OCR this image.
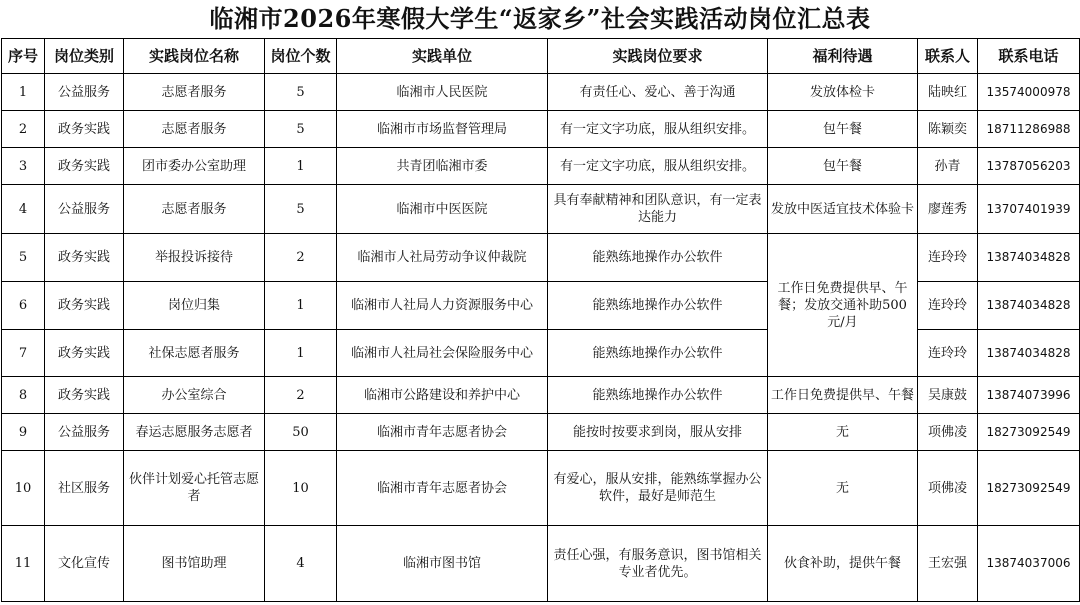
临湘市2026年寒假大学生“返家乡”社会实践活动岗位汇总表
序号	岗位类别	实践岗位名称	岗位个数	实践单位	实践岗位要求	福利待遇	联系人	联系电话
1	公益服务	志愿者服务	5	临湘市人民医院	有责任心、爱心、善于沟通	发放体检卡	陆映红	13574000978
2	政务实践	志愿者服务	5	临湘市市场监督管理局	有一定文字功底，服从组织安排。	包午餐	陈颖奕	18711286988
3	政务实践	团市委办公室助理	1	共青团临湘市委	有一定文字功底，服从组织安排。	包午餐	孙青	13787056203
4	公益服务	志愿者服务	5	临湘市中医医院	具有奉献精神和团队意识，有一定表达能力	发放中医适宜技术体验卡	廖莲秀	13707401939
5	政务实践	举报投诉接待	2	临湘市人社局劳动争议仲裁院	能熟练地操作办公软件	工作日免费提供早、午餐；发放交通补助500元/月	连玲玲	13874034828
6	政务实践	岗位归集	1	临湘市人社局人力资源服务中心	能熟练地操作办公软件		连玲玲	13874034828
7	政务实践	社保志愿者服务	1	临湘市人社局社会保险服务中心	能熟练地操作办公软件		连玲玲	13874034828
8	政务实践	办公室综合	2	临湘市公路建设和养护中心	能熟练地操作办公软件	工作日免费提供早、午餐	吴康鼓	13874073996
9	公益服务	春运志愿服务志愿者	50	临湘市青年志愿者协会	能按时按要求到岗，服从安排	无	项佛凌	18273092549
10	社区服务	伙伴计划爱心托管志愿者	10	临湘市青年志愿者协会	有爱心，服从安排，能熟练掌握办公软件，最好是师范生	无	项佛凌	18273092549
11	文化宣传	图书馆助理	4	临湘市图书馆	责任心强，有服务意识，图书馆相关专业者优先。	伙食补助，提供午餐	王宏强	13874037006
